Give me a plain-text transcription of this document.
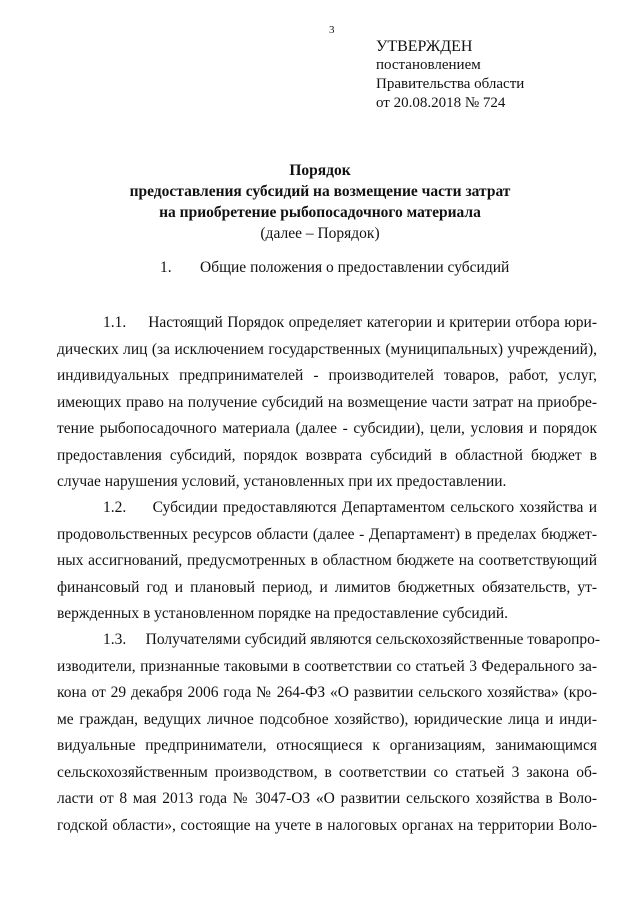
3
УТВЕРЖДЕН
постановлением
Правительства области
от 20.08.2018 № 724
Порядок
предоставления субсидий на возмещение части затрат
на приобретение рыбопосадочного материала
(далее – Порядок)
1. Общие положения о предоставлении субсидий
1.1. Настоящий Порядок определяет категории и критерии отбора юри-
дических лиц (за исключением государственных (муниципальных) учреждений),
индивидуальных предпринимателей - производителей товаров, работ, услуг,
имеющих право на получение субсидий на возмещение части затрат на приобре-
тение рыбопосадочного материала (далее - субсидии), цели, условия и порядок
предоставления субсидий, порядок возврата субсидий в областной бюджет в
случае нарушения условий, установленных при их предоставлении.
1.2. Субсидии предоставляются Департаментом сельского хозяйства и
продовольственных ресурсов области (далее - Департамент) в пределах бюджет-
ных ассигнований, предусмотренных в областном бюджете на соответствующий
финансовый год и плановый период, и лимитов бюджетных обязательств, ут-
вержденных в установленном порядке на предоставление субсидий.
1.3. Получателями субсидий являются сельскохозяйственные товаропро-
изводители, признанные таковыми в соответствии со статьей 3 Федерального за-
кона от 29 декабря 2006 года № 264-ФЗ «О развитии сельского хозяйства» (кро-
ме граждан, ведущих личное подсобное хозяйство), юридические лица и инди-
видуальные предприниматели, относящиеся к организациям, занимающимся
сельскохозяйственным производством, в соответствии со статьей 3 закона об-
ласти от 8 мая 2013 года № 3047-ОЗ «О развитии сельского хозяйства в Воло-
годской области», состоящие на учете в налоговых органах на территории Воло-
